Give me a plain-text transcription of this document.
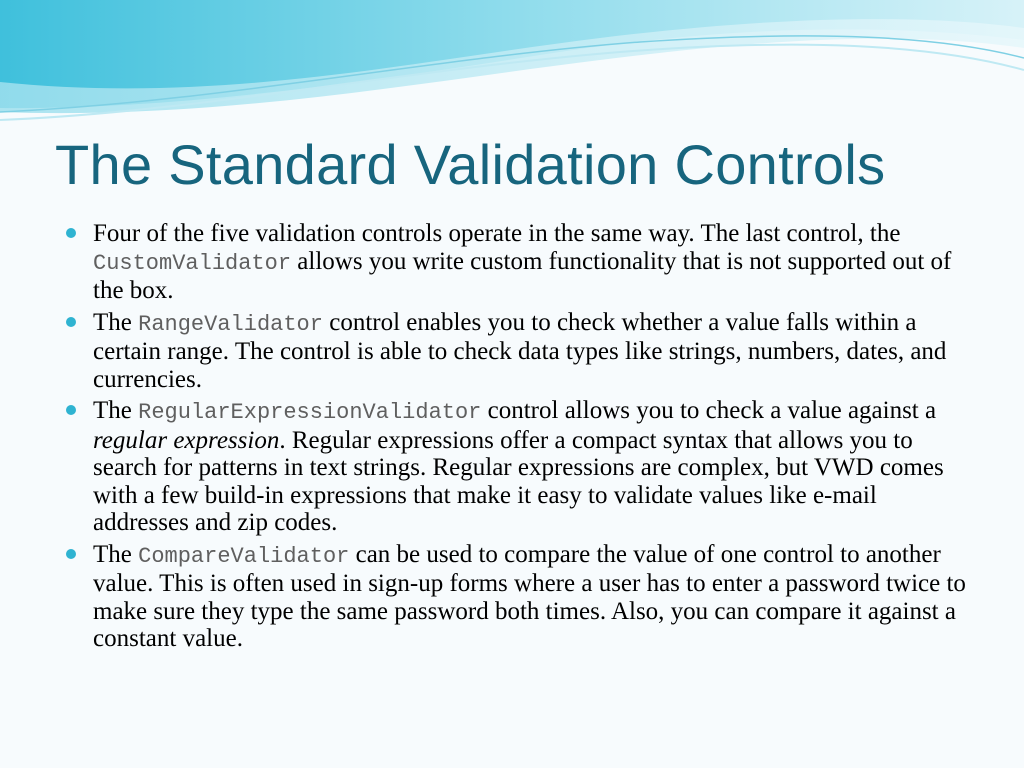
The Standard Validation Controls
Four of the five validation controls operate in the same way. The last control, the CustomValidator allows you write custom functionality that is not supported out of the box.
The RangeValidator control enables you to check whether a value falls within a certain range. The control is able to check data types like strings, numbers, dates, and currencies.
The RegularExpressionValidator control allows you to check a value against a regular expression. Regular expressions offer a compact syntax that allows you to search for patterns in text strings. Regular expressions are complex, but VWD comes with a few build-in expressions that make it easy to validate values like e-mail addresses and zip codes.
The CompareValidator can be used to compare the value of one control to another value. This is often used in sign-up forms where a user has to enter a password twice to make sure they type the same password both times. Also, you can compare it against a constant value.
